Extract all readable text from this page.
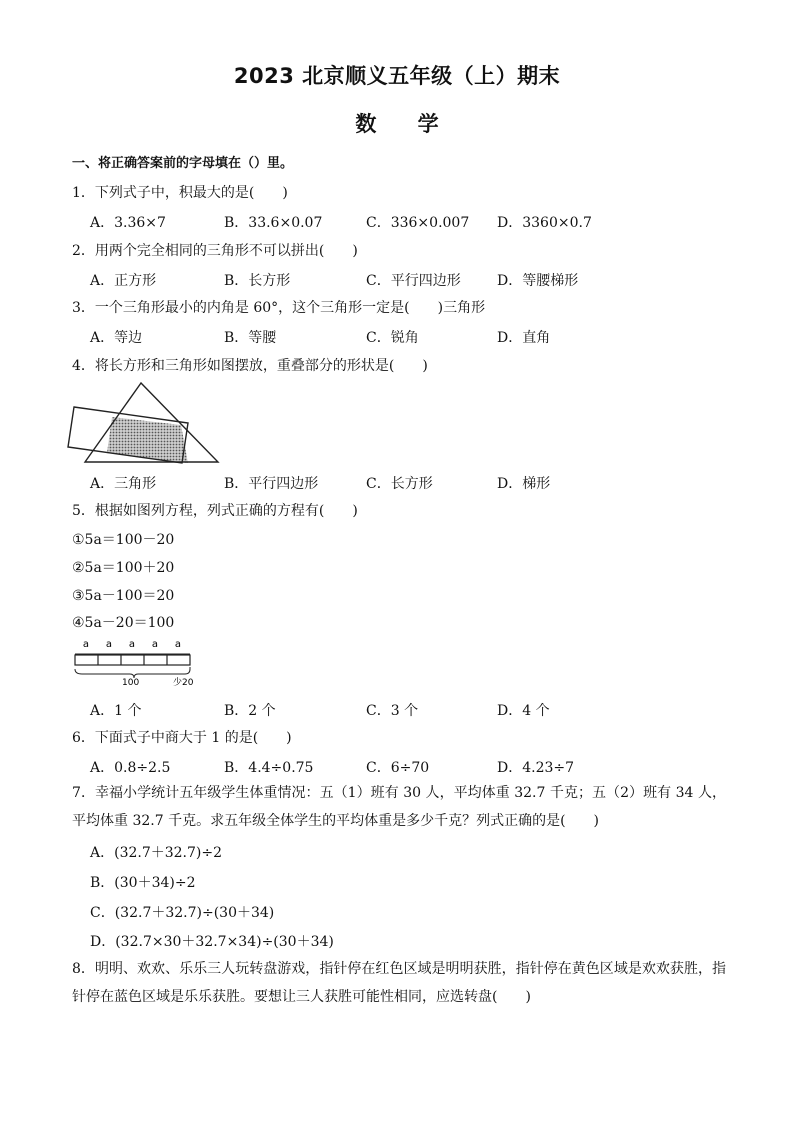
2023 北京顺义五年级（上）期末
数 学
一、将正确答案前的字母填在（）里。
1．下列式子中，积最大的是(　　)
A．3.36×7	B．33.6×0.07	C．336×0.007 D．3360×0.7
2．用两个完全相同的三角形不可以拼出(　　)
A．正方形	B．长方形	C．平行四边形	D．等腰梯形
3．一个三角形最小的内角是 60°，这个三角形一定是(　　)三角形
A．等边	B．等腰	C．锐角	D．直角
4．将长方形和三角形如图摆放，重叠部分的形状是(　　)
A．三角形	B．平行四边形	C．长方形	D．梯形
5．根据如图列方程，列式正确的方程有(　　)
①5a＝100－20
②5a＝100＋20
③5a－100＝20
④5a－20＝100
a a a a a
100	少20
A．1 个	B．2 个	C．3 个	D．4 个
6．下面式子中商大于 1 的是(　　)
A．0.8÷2.5	B．4.4÷0.75	C．6÷70	D．4.23÷7
7．幸福小学统计五年级学生体重情况：五（1）班有 30 人，平均体重 32.7 千克；五（2）班有 34 人，平均体重 32.7 千克。求五年级全体学生的平均体重是多少千克？列式正确的是(　　)
A．(32.7＋32.7)÷2
B．(30＋34)÷2
C．(32.7＋32.7)÷(30＋34)
D．(32.7×30＋32.7×34)÷(30＋34)
8．明明、欢欢、乐乐三人玩转盘游戏，指针停在红色区域是明明获胜，指针停在黄色区域是欢欢获胜，指针停在蓝色区域是乐乐获胜。要想让三人获胜可能性相同，应选转盘(　　)
